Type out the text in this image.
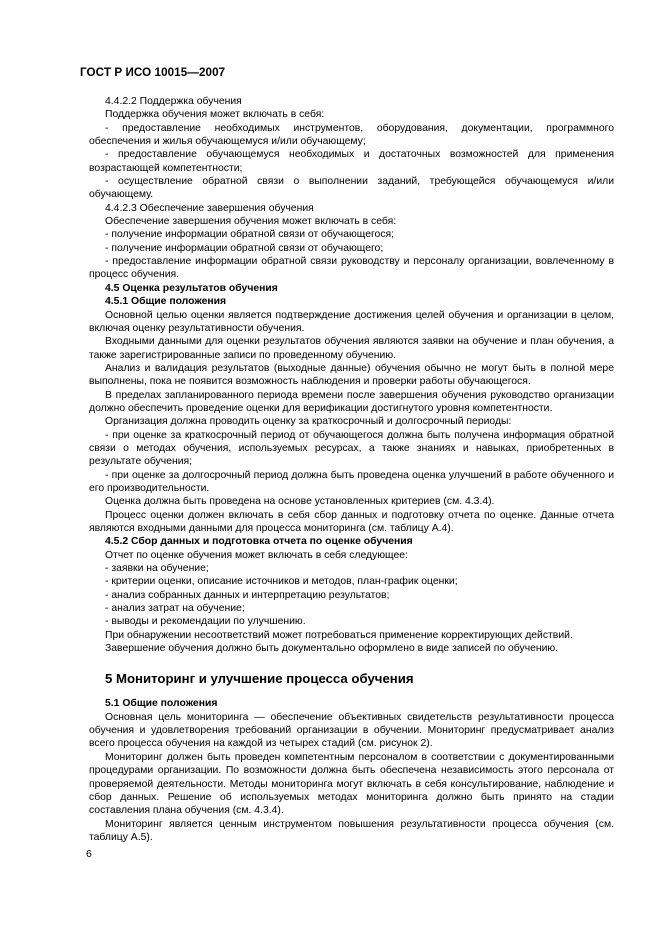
ГОСТ Р ИСО 10015—2007

4.4.2.2 Поддержка обучения

Поддержка обучения может включать в себя:

- предоставление необходимых инструментов, оборудования, документации, программного обеспечения и жилья обучающемуся и/или обучающему;

- предоставление обучающемуся необходимых и достаточных возможностей для применения возрастающей компетентности;

- осуществление обратной связи о выполнении заданий, требующейся обучающемуся и/или обучающему.

4.4.2.3 Обеспечение завершения обучения

Обеспечение завершения обучения может включать в себя:

- получение информации обратной связи от обучающегося;

- получение информации обратной связи от обучающего;

- предоставление информации обратной связи руководству и персоналу организации, вовлеченному в процесс обучения.

4.5 Оценка результатов обучения

4.5.1 Общие положения

Основной целью оценки является подтверждение достижения целей обучения и организации в целом, включая оценку результативности обучения.

Входными данными для оценки результатов обучения являются заявки на обучение и план обучения, а также зарегистрированные записи по проведенному обучению.

Анализ и валидация результатов (выходные данные) обучения обычно не могут быть в полной мере выполнены, пока не появится возможность наблюдения и проверки работы обучающегося.

В пределах запланированного периода времени после завершения обучения руководство организации должно обеспечить проведение оценки для верификации достигнутого уровня компетентности.

Организация должна проводить оценку за краткосрочный и долгосрочный периоды:

- при оценке за краткосрочный период от обучающегося должна быть получена информация обратной связи о методах обучения, используемых ресурсах, а также знаниях и навыках, приобретенных в результате обучения;

- при оценке за долгосрочный период должна быть проведена оценка улучшений в работе обученного и его производительности.

Оценка должна быть проведена на основе установленных критериев (см. 4.3.4).

Процесс оценки должен включать в себя сбор данных и подготовку отчета по оценке. Данные отчета являются входными данными для процесса мониторинга (см. таблицу А.4).

4.5.2 Сбор данных и подготовка отчета по оценке обучения

Отчет по оценке обучения может включать в себя следующее:

- заявки на обучение;

- критерии оценки, описание источников и методов, план-график оценки;

- анализ собранных данных и интерпретацию результатов;

- анализ затрат на обучение;

- выводы и рекомендации по улучшению.

При обнаружении несоответствий может потребоваться применение корректирующих действий.

Завершение обучения должно быть документально оформлено в виде записей по обучению.

5 Мониторинг и улучшение процесса обучения

5.1 Общие положения

Основная цель мониторинга — обеспечение объективных свидетельств результативности процесса обучения и удовлетворения требований организации в обучении. Мониторинг предусматривает анализ всего процесса обучения на каждой из четырех стадий (см. рисунок 2).

Мониторинг должен быть проведен компетентным персоналом в соответствии с документированными процедурами организации. По возможности должна быть обеспечена независимость этого персонала от проверяемой деятельности. Методы мониторинга могут включать в себя консультирование, наблюдение и сбор данных. Решение об используемых методах мониторинга должно быть принято на стадии составления плана обучения (см. 4.3.4).

Мониторинг является ценным инструментом повышения результативности процесса обучения (см. таблицу А.5).

6
